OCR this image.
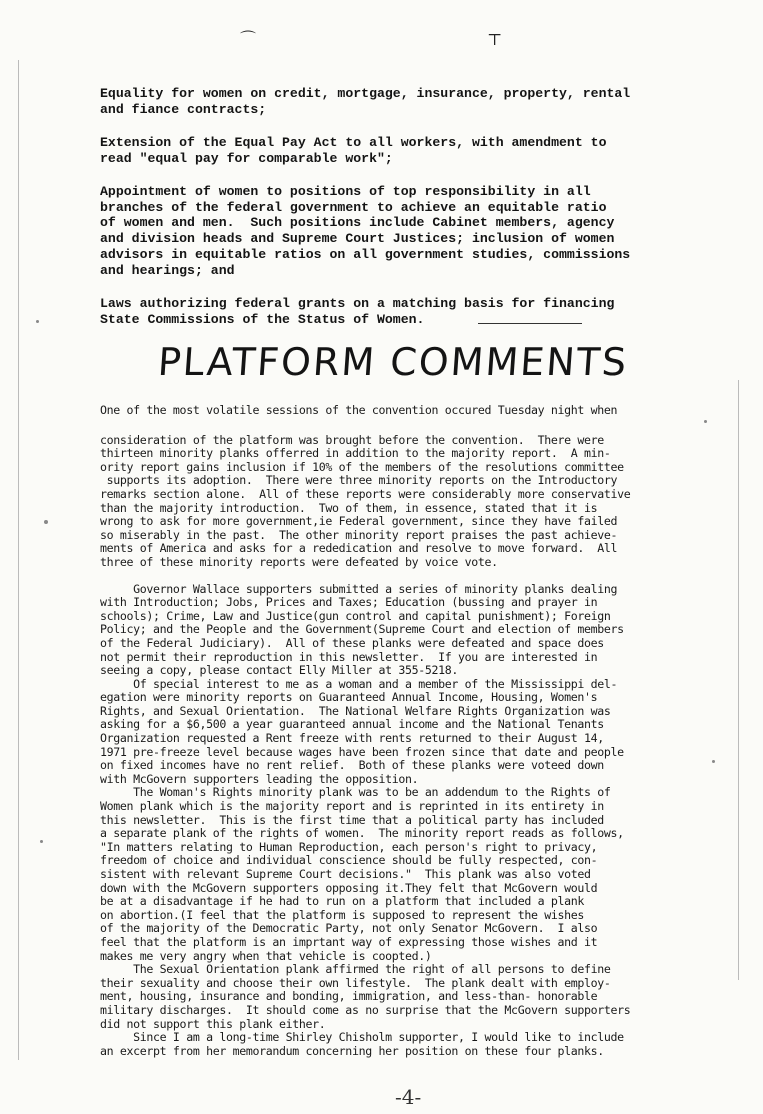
⌒	⊤

Equality for women on credit, mortgage, insurance, property, rental
and fiance contracts;

Extension of the Equal Pay Act to all workers, with amendment to
read "equal pay for comparable work";

Appointment of women to positions of top responsibility in all
branches of the federal government to achieve an equitable ratio
of women and men.  Such positions include Cabinet members, agency
and division heads and Supreme Court Justices; inclusion of women
advisors in equitable ratios on all government studies, commissions
and hearings; and

Laws authorizing federal grants on a matching basis for financing
State Commissions of the Status of Women.

PLATFORM COMMENTS

One of the most volatile sessions of the convention occured Tuesday night when

consideration of the platform was brought before the convention.  There were
thirteen minority planks offerred in addition to the majority report.  A min-
ority report gains inclusion if 10% of the members of the resolutions committee
supports its adoption.  There were three minority reports on the Introductory
remarks section alone.  All of these reports were considerably more conservative
than the majority introduction.  Two of them, in essence, stated that it is
wrong to ask for more government,ie Federal government, since they have failed
so miserably in the past.  The other minority report praises the past achieve-
ments of America and asks for a rededication and resolve to move forward.  All
three of these minority reports were defeated by voice vote.

Governor Wallace supporters submitted a series of minority planks dealing
with Introduction; Jobs, Prices and Taxes; Education (bussing and prayer in
schools); Crime, Law and Justice(gun control and capital punishment); Foreign
Policy; and the People and the Government(Supreme Court and election of members
of the Federal Judiciary).  All of these planks were defeated and space does
not permit their reproduction in this newsletter.  If you are interested in
seeing a copy, please contact Elly Miller at 355-5218.
Of special interest to me as a woman and a member of the Mississippi del-
egation were minority reports on Guaranteed Annual Income, Housing, Women's
Rights, and Sexual Orientation.  The National Welfare Rights Organization was
asking for a $6,500 a year guaranteed annual income and the National Tenants
Organization requested a Rent freeze with rents returned to their August 14,
1971 pre-freeze level because wages have been frozen since that date and people
on fixed incomes have no rent relief.  Both of these planks were voteed down
with McGovern supporters leading the opposition.
The Woman's Rights minority plank was to be an addendum to the Rights of
Women plank which is the majority report and is reprinted in its entirety in
this newsletter.  This is the first time that a political party has included
a separate plank of the rights of women.  The minority report reads as follows,
"In matters relating to Human Reproduction, each person's right to privacy,
freedom of choice and individual conscience should be fully respected, con-
sistent with relevant Supreme Court decisions."  This plank was also voted
down with the McGovern supporters opposing it.They felt that McGovern would
be at a disadvantage if he had to run on a platform that included a plank
on abortion.(I feel that the platform is supposed to represent the wishes
of the majority of the Democratic Party, not only Senator McGovern.  I also
feel that the platform is an imprtant way of expressing those wishes and it
makes me very angry when that vehicle is coopted.)
The Sexual Orientation plank affirmed the right of all persons to define
their sexuality and choose their own lifestyle.  The plank dealt with employ-
ment, housing, insurance and bonding, immigration, and less-than- honorable
military discharges.  It should come as no surprise that the McGovern supporters
did not support this plank either.
Since I am a long-time Shirley Chisholm supporter, I would like to include
an excerpt from her memorandum concerning her position on these four planks.

-4-
